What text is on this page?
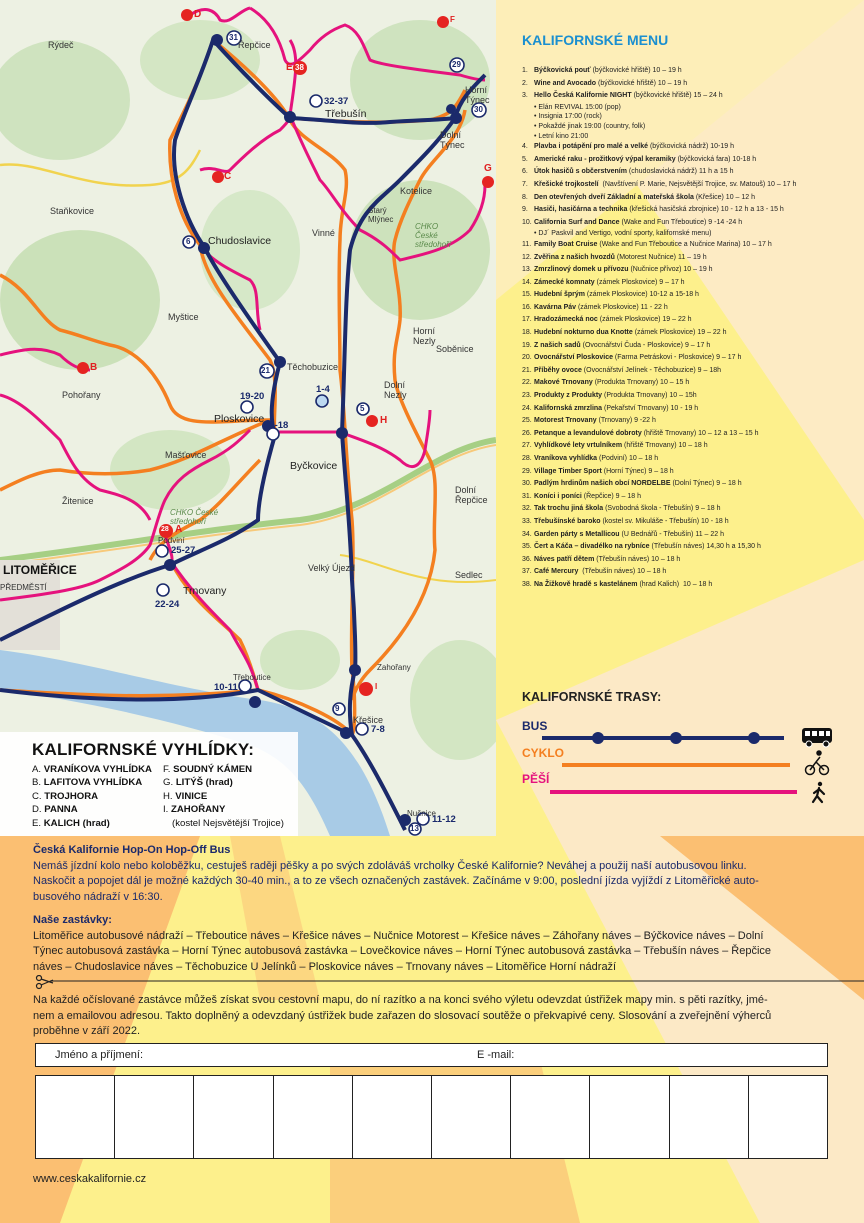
Rýdeč	Řepčice
Třebušín
Horní Týnec
Dolní Týnec
Kotelice
Starý Mlýnec
Staňkovice
Chudoslavice
Vinné
Myštice
Horní Nezly
Soběnice
Těchobuzice
Dolní Nezly
Ploskovice
Byčkovice
Mašťovice
Pohořany
Žitenice
Dolní Řepčice
Velký Újezd
Podviní
LITOMĚŘICE
PŘEDMĚSTÍ	Trnovany
Sedlec
Třeboutice
Zahořany
Křešice
Nučnice
CHKO České středohoří
CHKO České středohoří
31
29
30
32-37
6
21
19-20
14-18
1-4
5
25-27
22-24
10-11
9
7-8
11-12
13
D
E 38
F
C
G
B
H
A
28
I
KALIFORNSKÉ VYHLÍDKY:
A. VRANÍKOVA VYHLÍDKA
B. LAFITOVA VYHLÍDKA
C. TROJHORA
D. PANNA
E. KALICH (hrad)
F. SOUDNÝ KÁMEN
G. LITÝŠ (hrad)
H. VINICE
I. ZAHOŘANY
(kostel Nejsvětější Trojice)
KALIFORNSKÉ MENU
1. Býčkovická pouť (býčkovické hřiště) 10 – 19 h
2. Wine and Avocado (býčkovické hřiště) 10 – 19 h
3. Hello Česká Kalifornie NIGHT (býčkovické hřiště) 15 – 24 h
• Elán REVIVAL 15:00 (pop)
• Insignia 17:00 (rock)
• Pokaždé jinak 19:00 (country, folk)
• Letní kino 21:00
4. Plavba i potápění pro malé a velké (býčkovická nádrž) 10-19 h
5. Americké raku - prožitkový výpal keramiky (býčkovická fara) 10-18 h
6. Útok hasičů s občerstvením (chudoslavická nádrž) 11 h a 15 h
7. Křešické trojkostelí  (Navštívení P. Marie, Nejsvětější Trojice, sv. Matouš) 10 – 17 h
8. Den otevřených dveří Základní a mateřská škola (Křešice) 10 – 12 h
9. Hasiči, hasičárna a technika (křešická hasičská zbrojnice) 10 - 12 h a 13 - 15 h
10. California Surf and Dance (Wake and Fun Třeboutice) 9 -14 -24 h
• DJ´ Paskvil and Vertigo, vodní sporty, kalifornské menu)
11. Family Boat Cruise (Wake and Fun Třeboutice a Nučnice Marina) 10 – 17 h
12. Zvěřina z našich hvozdů (Motorest Nučnice) 11 – 19 h
13. Zmrzlinový domek u přívozu (Nučnice přívoz) 10 – 19 h
14. Zámecké komnaty (zámek Ploskovice) 9 – 17 h
15. Hudební šprým (zámek Ploskovice) 10-12 a 15-18 h
16. Kavárna Páv (zámek Ploskovice) 11 - 22 h
17. Hradozámecká noc (zámek Ploskovice) 19 – 22 h
18. Hudební nokturno dua Knotte (zámek Ploskovice) 19 – 22 h
19. Z našich sadů (Ovocnářství Čuda - Ploskovice) 9 – 17 h
20. Ovocnářství Ploskovice (Farma Petráskovi - Ploskovice) 9 – 17 h
21. Příběhy ovoce (Ovocnářství Jelínek - Těchobuzice) 9 – 18h
22. Makové Trnovany (Produkta Trnovany) 10 – 15 h
23. Produkty z Produkty (Produkta Trnovany) 10 – 15h
24. Kalifornská zmrzlina (Pekařství Trnovany) 10 - 19 h
25. Motorest Trnovany (Trnovany) 9 -22 h
26. Petanque a levandulové dobroty (hřiště Trnovany) 10 – 12 a 13 – 15 h
27. Vyhlídkové lety vrtulníkem (hřiště Trnovany) 10 – 18 h
28. Vraníkova vyhlídka (Podviní) 10 – 18 h
29. Village Timber Sport (Horní Týnec) 9 – 18 h
30. Padlým hrdinům našich obcí NORDELBE (Dolní Týnec) 9 – 18 h
31. Koníci i poníci (Řepčice) 9 – 18 h
32. Tak trochu jiná škola (Svobodná škola - Třebušín) 9 – 18 h
33. Třebušínské baroko (kostel sv. Mikuláše - Třebušín) 10 - 18 h
34. Garden párty s Metallicou (U Bednářů - Třebušín) 11 – 22 h
35. Čert a Káča – divadélko na rybníce (Třebušín náves) 14,30 h a 15,30 h
36. Náves patří dětem (Třebušín náves) 10 – 18 h
37. Café Mercury  (Třebušín náves) 10 – 18 h
38. Na Žižkově hradě s kastelánem (hrad Kalich)  10 – 18 h
KALIFORNSKÉ TRASY:
BUS
CYKLO
PĚŠÍ
Česká Kalifornie Hop-On Hop-Off Bus
Nemáš jízdní kolo nebo koloběžku, cestuješ raději pěšky a po svých zdoláváš vrcholky České Kalifornie? Neváhej a použij naší autobusovou linku.
Naskočit a popojet dál je možné každých 30-40 min., a to ze všech označených zastávek. Začínáme v 9:00, poslední jízda vyjíždí z Litoměřické auto-
busového nádraží v 16:30.
Naše zastávky:
Litoměřice autobusové nádraží – Třeboutice náves – Křešice náves – Nučnice Motorest – Křešice náves – Záhořany náves – Býčkovice náves – Dolní
Týnec autobusová zastávka – Horní Týnec autobusová zastávka – Lovečkovice náves – Horní Týnec autobusová zastávka – Třebušín náves – Řepčice
náves – Chudoslavice náves – Těchobuzice U Jelínků – Ploskovice náves – Trnovany náves – Litoměřice Horní nádraží
Na každé očíslované zastávce můžeš získat svou cestovní mapu, do ní razítko a na konci svého výletu odevzdat ústřižek mapy min. s pěti razítky, jmé-
nem a emailovou adresou. Takto doplněný a odevzdaný ústřižek bude zařazen do slosovací soutěže o překvapivé ceny. Slosování a zveřejnění výherců
proběhne v září 2022.
Jméno a příjmení:	E -mail:
www.ceskakalifornie.cz
